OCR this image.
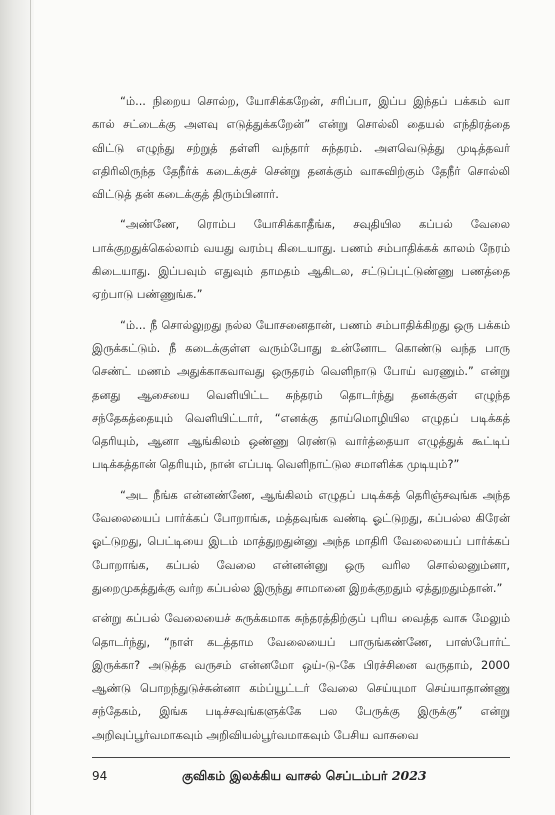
“ம்... நிறைய சொல்ற, யோசிக்கறேன், சரிப்பா, இப்ப இந்தப் பக்கம் வா கால் சட்டைக்கு அளவு எடுத்துக்கறேன்” என்று சொல்லி தையல் எந்திரத்தை விட்டு எழுந்து சற்றுத் தள்ளி வந்தார் சுந்தரம். அளவெடுத்து முடித்தவர் எதிரிலிருந்த தேநீர்க் கடைக்குச் சென்று தனக்கும் வாசுவிற்கும் தேநீர் சொல்லி விட்டுத் தன் கடைக்குத் திரும்பினார்.

“அண்ணே, ரொம்ப யோசிக்காதீங்க, சவுதியில கப்பல் வேலை பாக்குறதுக்கெல்லாம் வயது வரம்பு கிடையாது. பணம் சம்பாதிக்கக் காலம் நேரம் கிடையாது. இப்பவும் எதுவும் தாமதம் ஆகிடல, சட்டுப்புட்டுண்ணு பணத்தை ஏற்பாடு பண்ணுங்க.”

“ம்... நீ சொல்லுறது நல்ல யோசனைதான், பணம் சம்பாதிக்கிறது ஒரு பக்கம் இருக்கட்டும். நீ கடைக்குள்ள வரும்போது உன்னோட கொண்டு வந்த பாரு செண்ட் மணம் அதுக்காகவாவது ஒருதரம் வெளிநாடு போய் வரணும்.” என்று தனது ஆசையை வெளியிட்ட சுந்தரம் தொடர்ந்து தனக்குள் எழுந்த சந்தேகத்தையும் வெளியிட்டார், “எனக்கு தாய்மொழியில எழுதப் படிக்கத் தெரியும், ஆனா ஆங்கிலம் ஒண்ணு ரெண்டு வார்த்தையா எழுத்துக் கூட்டிப் படிக்கத்தான் தெரியும், நான் எப்படி வெளிநாட்டுல சமாளிக்க முடியும்?”

“அட நீங்க என்னண்ணே, ஆங்கிலம் எழுதப் படிக்கத் தெரிஞ்சவுங்க அந்த வேலையைப் பார்க்கப் போறாங்க, மத்தவுங்க வண்டி ஓட்டுறது, கப்பல்ல கிரேன் ஓட்டுறது, பெட்டியை இடம் மாத்துறதுன்னு அந்த மாதிரி வேலையைப் பார்க்கப் போறாங்க, கப்பல் வேலை என்னன்னு ஒரு வரில சொல்லனும்னா, துறைமுகத்துக்கு வர்ற கப்பல்ல இருந்து சாமானை இறக்குறதும் ஏத்துறதும்தான்.”

என்று கப்பல் வேலையைச் சுருக்கமாக சுந்தரத்திற்குப் புரிய வைத்த வாசு மேலும் தொடர்ந்து, “நாள் கடத்தாம வேலையைப் பாருங்கண்ணே, பாஸ்போர்ட் இருக்கா? அடுத்த வருசம் என்னமோ ஒய்-டு-கே பிரச்சினை வருதாம், 2000 ஆண்டு பொறந்துடுச்சுன்னா கம்ப்யூட்டர் வேலை செய்யுமா செய்யாதாண்ணு சந்தேகம், இங்க படிச்சவுங்களுக்கே பல பேருக்கு இருக்கு” என்று அறிவுப்பூர்வமாகவும் அறிவியல்பூர்வமாகவும் பேசிய வாசுவை

94	குவிகம் இலக்கிய வாசல் செப்டம்பர் 2023
